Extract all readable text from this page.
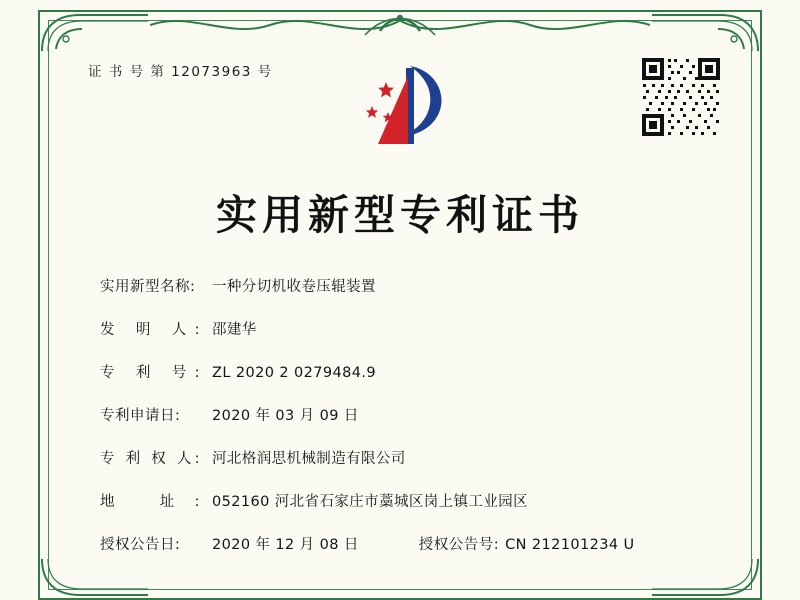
证 书 号 第 12073963 号
实用新型专利证书
实用新型名称:	一种分切机收卷压辊装置
发 明 人: 邵建华
专 利 号: ZL 2020 2 0279484.9
专利申请日:	2020 年 03 月 09 日
专 利 权 人: 河北格润思机械制造有限公司
地 址: 052160 河北省石家庄市藁城区岗上镇工业园区
授权公告日:	2020 年 12 月 08 日	授权公告号: CN 212101234 U
